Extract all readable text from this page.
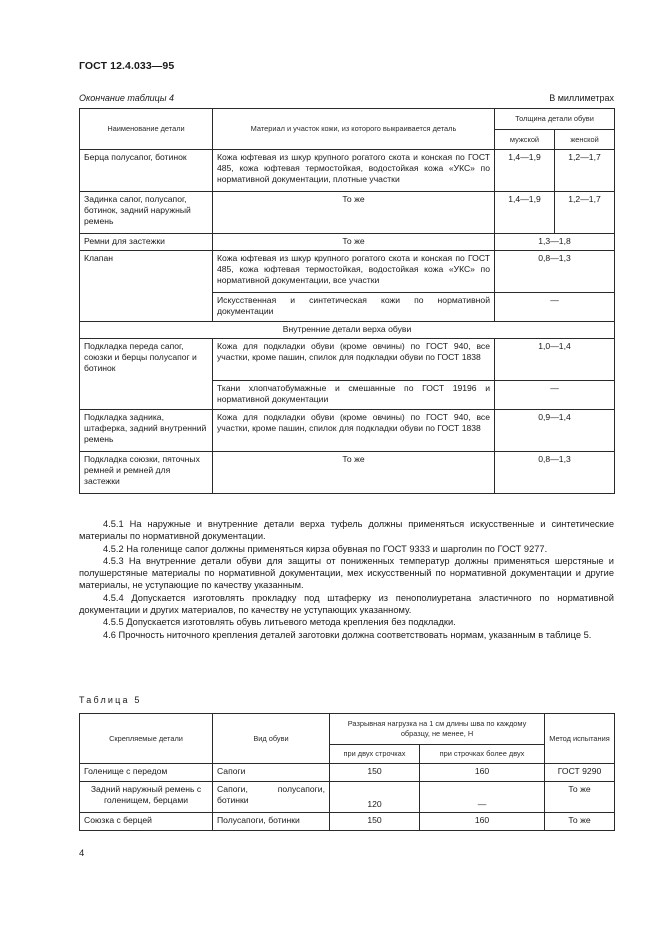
ГОСТ 12.4.033—95
Окончание таблицы 4	В миллиметрах
Наименование детали	Материал и участок кожи, из которого выкраивается деталь	Толщина детали обуви	
		мужской	женской
Берца полусапог, ботинок	Кожа юфтевая из шкур крупного рогатого скота и конская по ГОСТ 485, кожа юфтевая термостойкая, водостойкая кожа «УКС» по нормативной документации, плотные участки	1,4—1,9	1,2—1,7
Задинка сапог, полусапог, ботинок, задний наружный ремень	То же	1,4—1,9	1,2—1,7
Ремни для застежки	То же	1,3—1,8	
Клапан	Кожа юфтевая из шкур крупного рогатого скота и конская по ГОСТ 485, кожа юфтевая термостойкая, водостойкая кожа «УКС» по нормативной документации, все участки	0,8—1,3	
	Искусственная и синтетическая кожи по нормативной документации	—	
Внутренние детали верха обуви			
Подкладка переда сапог, союзки и берцы полусапог и ботинок	Кожа для подкладки обуви (кроме овчины) по ГОСТ 940, все участки, кроме пашин, спилок для подкладки обуви по ГОСТ 1838	1,0—1,4	
	Ткани хлопчатобумажные и смешанные по ГОСТ 19196 и нормативной документации	—	
Подкладка задника, штаферка, задний внутренний ремень	Кожа для подкладки обуви (кроме овчины) по ГОСТ 940, все участки, кроме пашин, спилок для подкладки обуви по ГОСТ 1838	0,9—1,4	
Подкладка союзки, пяточных ремней и ремней для застежки	То же	0,8—1,3	

4.5.1 На наружные и внутренние детали верха туфель должны применяться искусственные и синтетические материалы по нормативной документации.

4.5.2 На голенище сапог должны применяться кирза обувная по ГОСТ 9333 и шарголин по ГОСТ 9277.

4.5.3 На внутренние детали обуви для защиты от пониженных температур должны применяться шерстяные и полушерстяные материалы по нормативной документации, мех искусственный по нормативной документации и другие материалы, не уступающие по качеству указанным.

4.5.4 Допускается изготовлять прокладку под штаферку из пенополиуретана эластичного по нормативной документации и других материалов, по качеству не уступающих указанному.

4.5.5 Допускается изготовлять обувь литьевого метода крепления без подкладки.

4.6 Прочность ниточного крепления деталей заготовки должна соответствовать нормам, указанным в таблице 5.

Таблица 5
Скрепляемые детали	Вид обуви	Разрывная нагрузка на 1 см длины шва по каждому образцу, не менее, Н		Метод испытания
		при двух строчках	при строчках более двух	
Голенище с передом	Сапоги	150	160	ГОСТ 9290
Задний наружный ремень с голенищем, берцами	Сапоги, полусапоги, ботинки	120	—	То же
Союзка с берцей	Полусапоги, ботинки	150	160	То же
4
